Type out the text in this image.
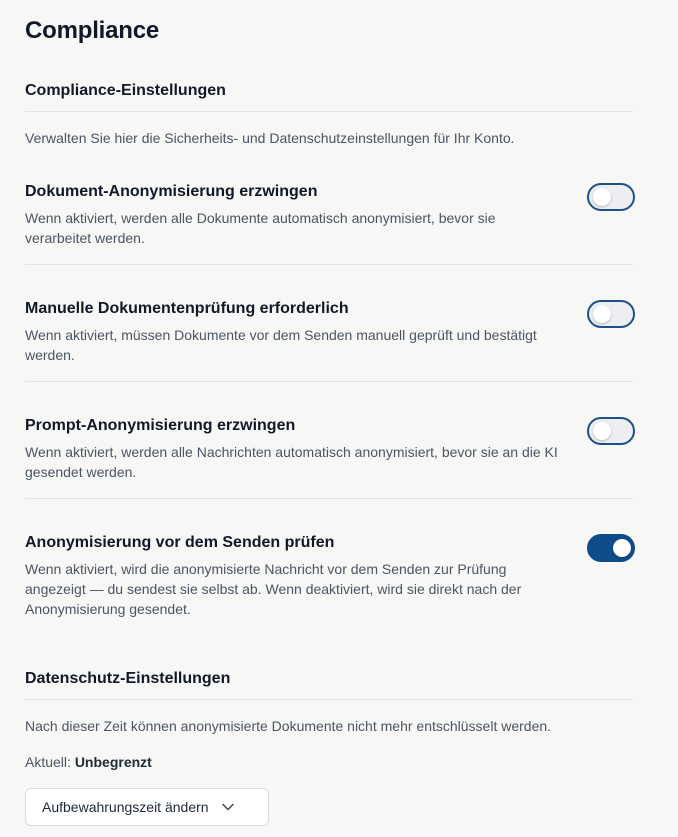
Compliance
Compliance-Einstellungen
Verwalten Sie hier die Sicherheits- und Datenschutzeinstellungen für Ihr Konto.
Dokument-Anonymisierung erzwingen
Wenn aktiviert, werden alle Dokumente automatisch anonymisiert, bevor sie verarbeitet werden.
Manuelle Dokumentenprüfung erforderlich
Wenn aktiviert, müssen Dokumente vor dem Senden manuell geprüft und bestätigt werden.
Prompt-Anonymisierung erzwingen
Wenn aktiviert, werden alle Nachrichten automatisch anonymisiert, bevor sie an die KI gesendet werden.
Anonymisierung vor dem Senden prüfen
Wenn aktiviert, wird die anonymisierte Nachricht vor dem Senden zur Prüfung angezeigt — du sendest sie selbst ab. Wenn deaktiviert, wird sie direkt nach der Anonymisierung gesendet.
Datenschutz-Einstellungen
Nach dieser Zeit können anonymisierte Dokumente nicht mehr entschlüsselt werden.
Aktuell: Unbegrenzt
Aufbewahrungszeit ändern
